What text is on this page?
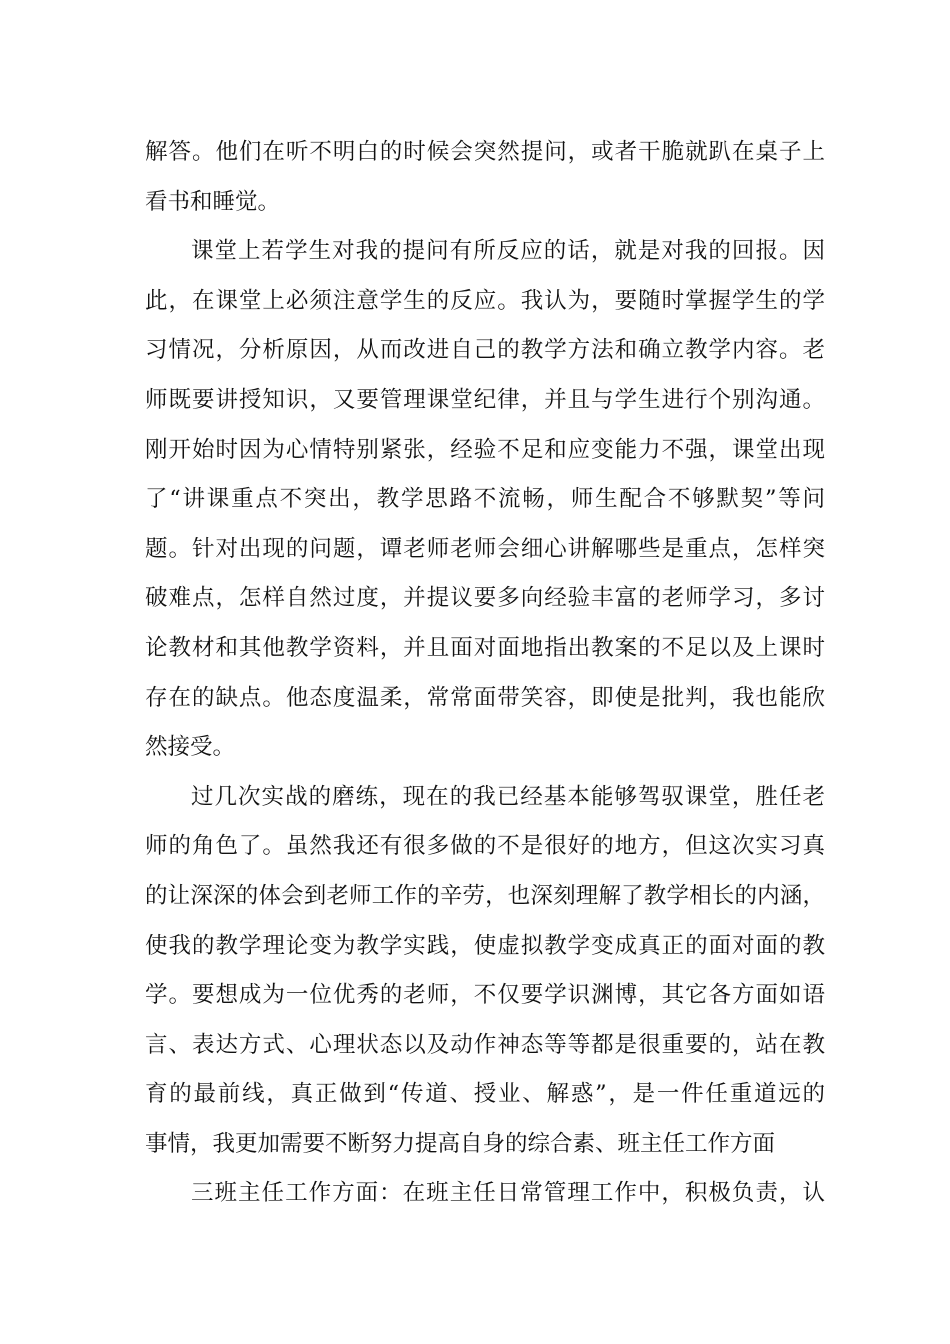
解答。他们在听不明白的时候会突然提问，或者干脆就趴在桌子上
看书和睡觉。
课堂上若学生对我的提问有所反应的话，就是对我的回报。因
此，在课堂上必须注意学生的反应。我认为，要随时掌握学生的学
习情况，分析原因，从而改进自己的教学方法和确立教学内容。老
师既要讲授知识，又要管理课堂纪律，并且与学生进行个别沟通。
刚开始时因为心情特别紧张，经验不足和应变能力不强，课堂出现
了“讲课重点不突出，教学思路不流畅，师生配合不够默契”等问
题。针对出现的问题，谭老师老师会细心讲解哪些是重点，怎样突
破难点，怎样自然过度，并提议要多向经验丰富的老师学习，多讨
论教材和其他教学资料，并且面对面地指出教案的不足以及上课时
存在的缺点。他态度温柔，常常面带笑容，即使是批判，我也能欣
然接受。
过几次实战的磨练，现在的我已经基本能够驾驭课堂，胜任老
师的角色了。虽然我还有很多做的不是很好的地方，但这次实习真
的让深深的体会到老师工作的辛劳，也深刻理解了教学相长的内涵，
使我的教学理论变为教学实践，使虚拟教学变成真正的面对面的教
学。要想成为一位优秀的老师，不仅要学识渊博，其它各方面如语
言、表达方式、心理状态以及动作神态等等都是很重要的，站在教
育的最前线，真正做到“传道、授业、解惑”，是一件任重道远的
事情，我更加需要不断努力提高自身的综合素、班主任工作方面
三班主任工作方面：在班主任日常管理工作中，积极负责，认
